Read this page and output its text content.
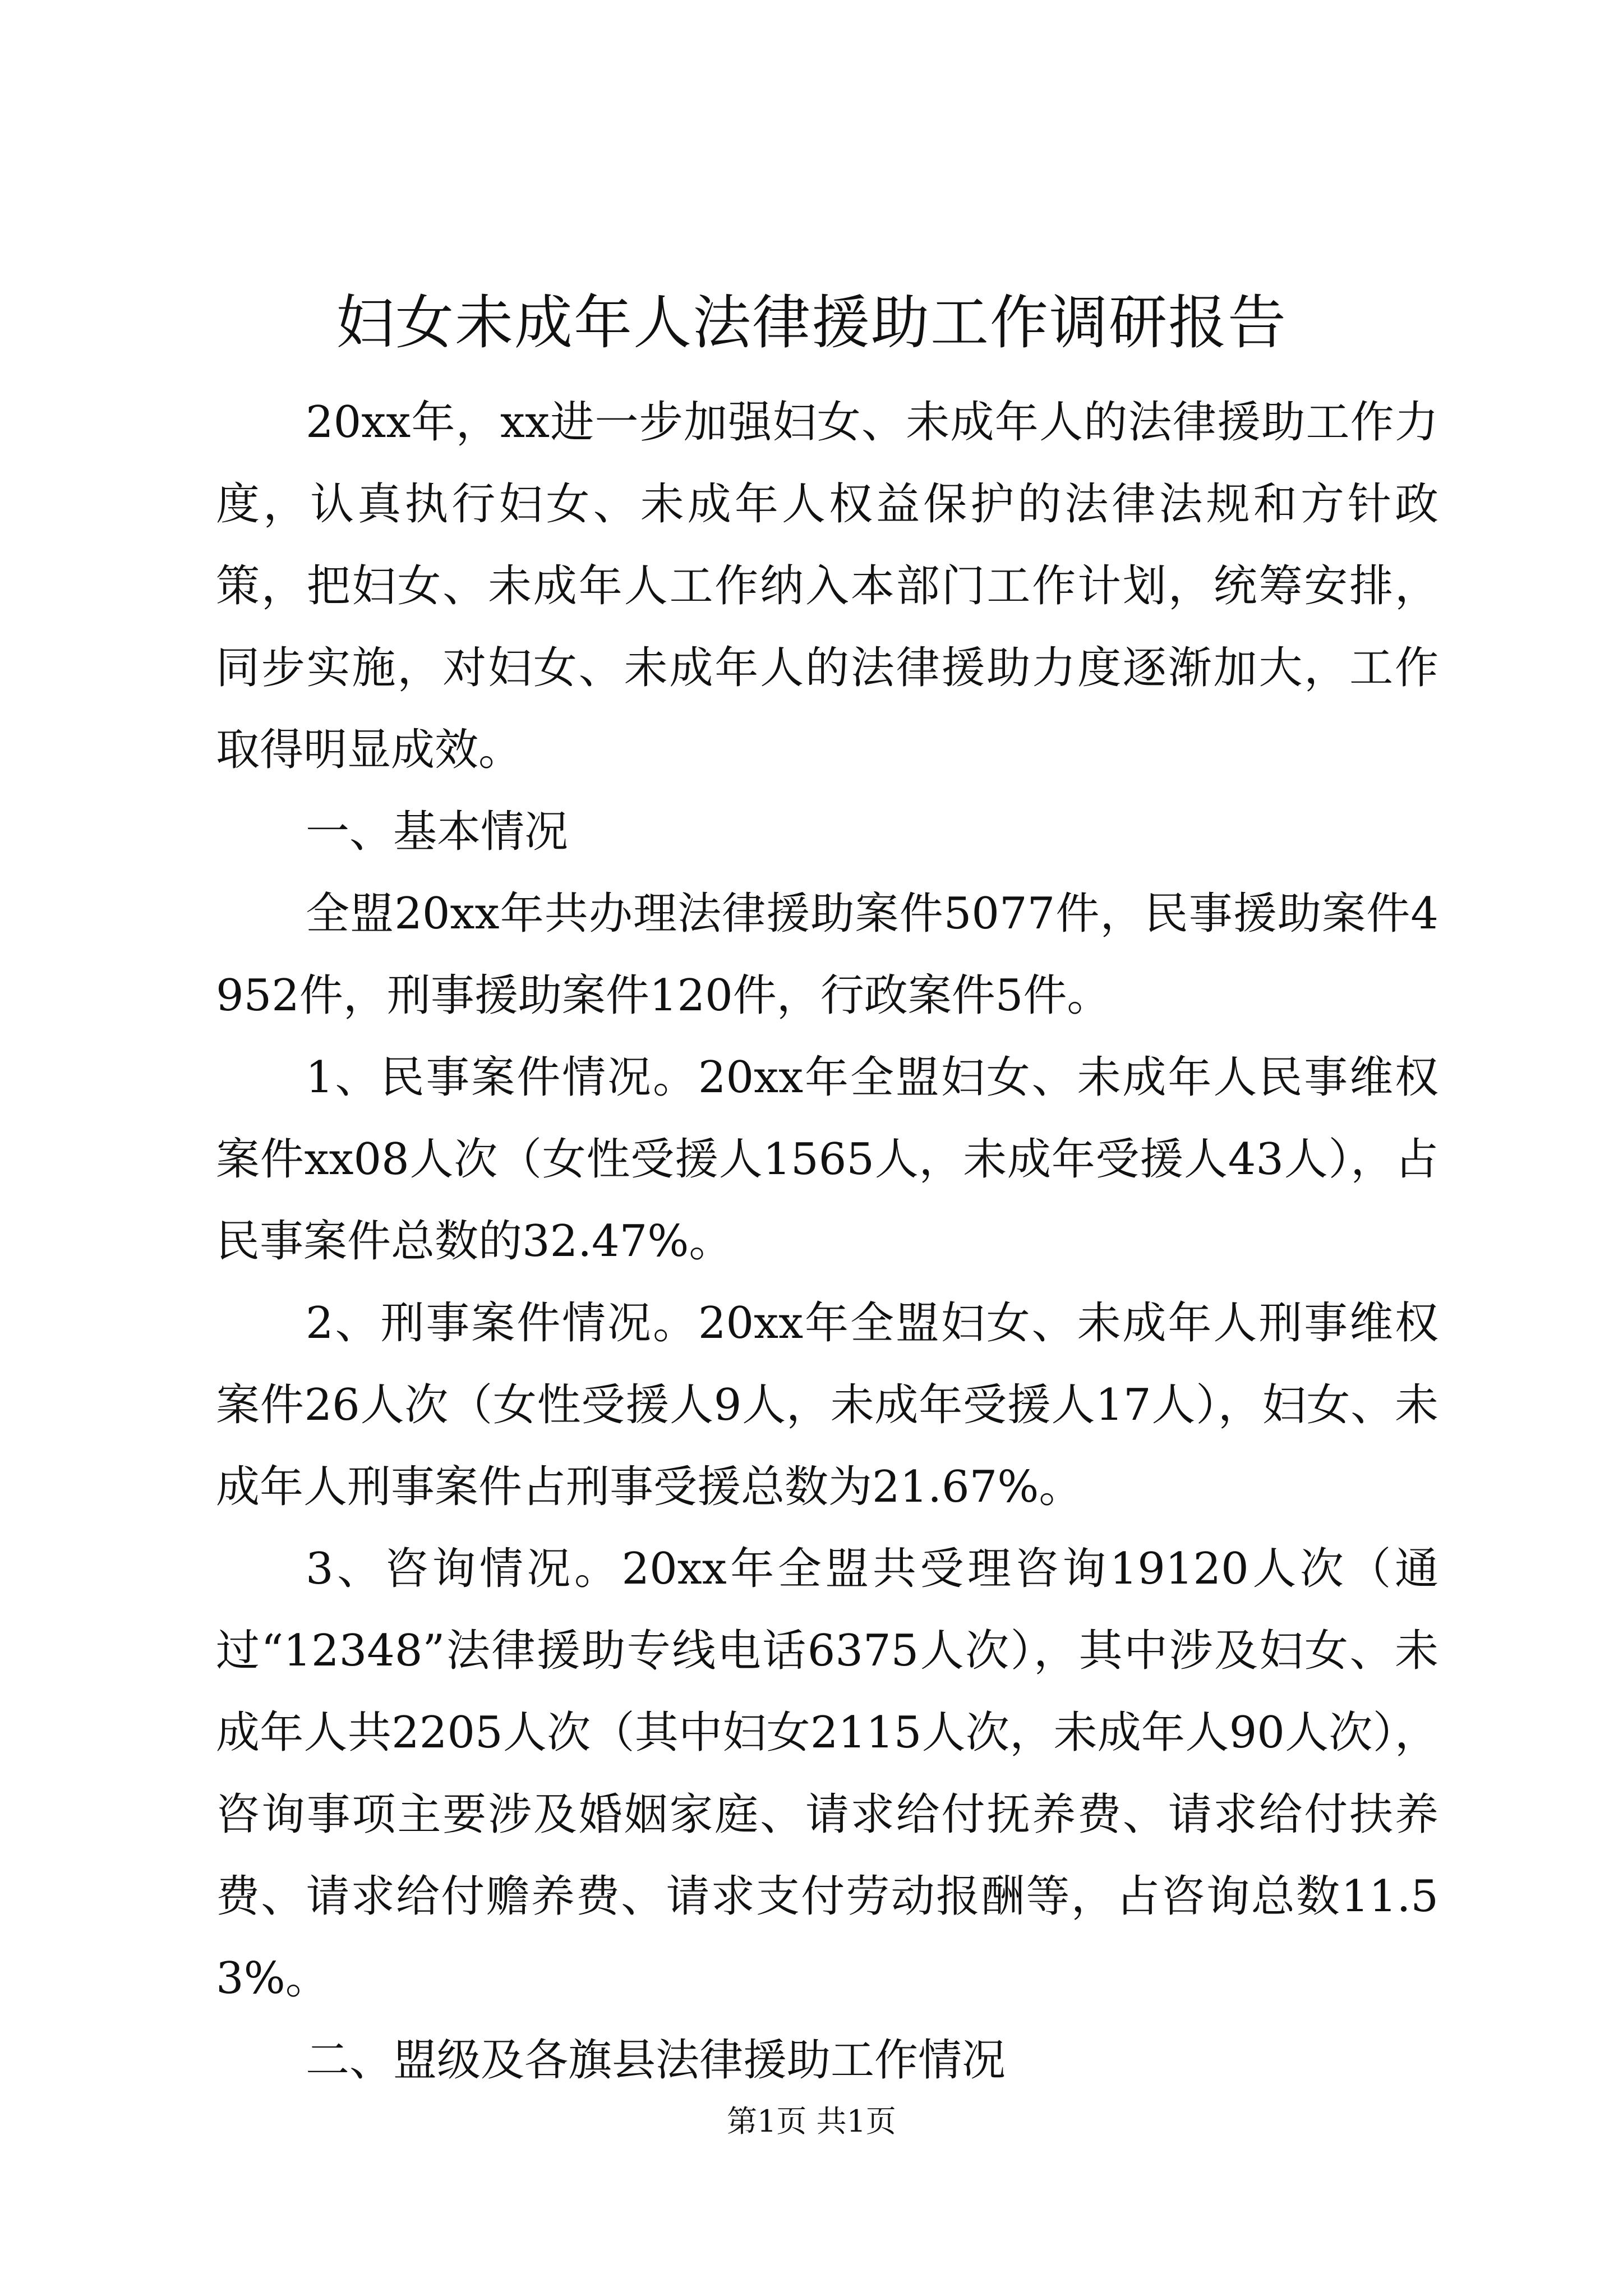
妇女未成年人法律援助工作调研报告

20xx年，xx进一步加强妇女、未成年人的法律援助工作力度，认真执行妇女、未成年人权益保护的法律法规和方针政策，把妇女、未成年人工作纳入本部门工作计划，统筹安排，同步实施，对妇女、未成年人的法律援助力度逐渐加大，工作取得明显成效。

一、基本情况

全盟20xx年共办理法律援助案件5077件，民事援助案件4952件，刑事援助案件120件，行政案件5件。

1、民事案件情况。20xx年全盟妇女、未成年人民事维权案件xx08人次（女性受援人1565人，未成年受援人43人），占民事案件总数的32.47%。

2、刑事案件情况。20xx年全盟妇女、未成年人刑事维权案件26人次（女性受援人9人，未成年受援人17人），妇女、未成年人刑事案件占刑事受援总数为21.67%。

3、咨询情况。20xx年全盟共受理咨询19120人次（通过“12348”法律援助专线电话6375人次），其中涉及妇女、未成年人共2205人次（其中妇女2115人次，未成年人90人次），咨询事项主要涉及婚姻家庭、请求给付抚养费、请求给付扶养费、请求给付赡养费、请求支付劳动报酬等，占咨询总数11.53%。

二、盟级及各旗县法律援助工作情况

第1页 共1页
